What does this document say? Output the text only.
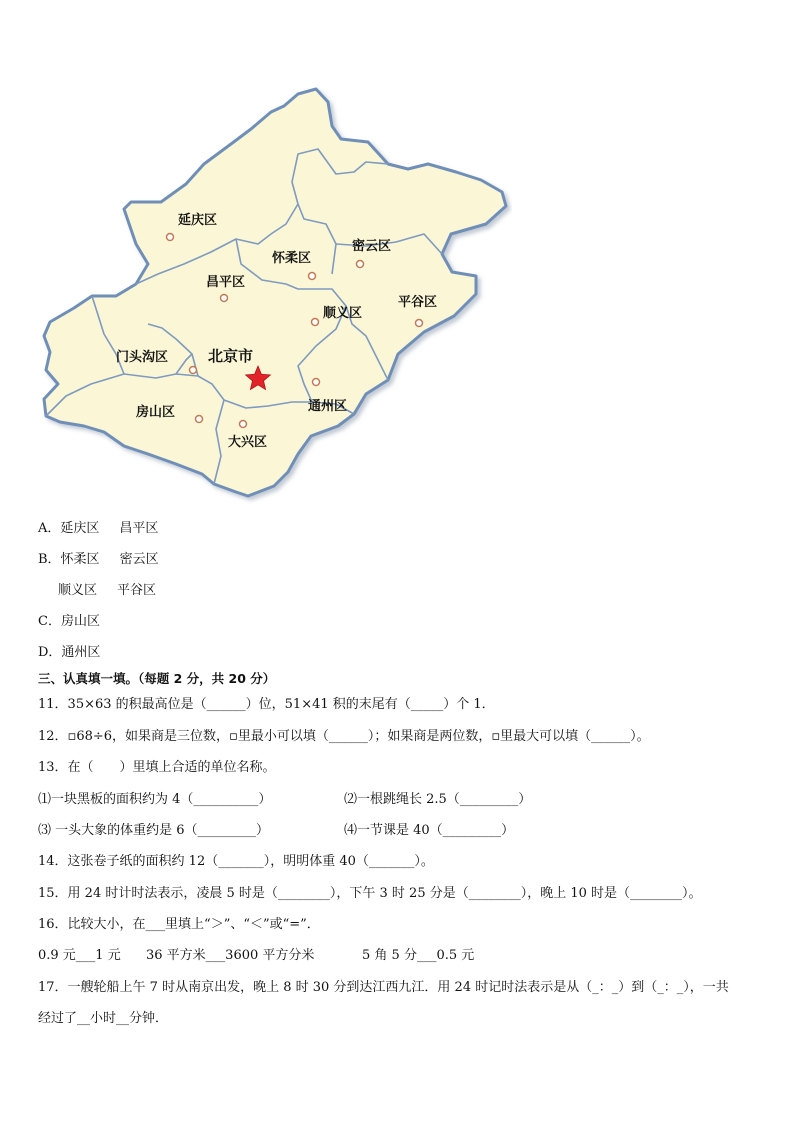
延庆区
怀柔区
密云区
昌平区
平谷区
顺义区
门头沟区	北京市
通州区
房山区
大兴区
A．延庆区 昌平区
B．怀柔区 密云区
顺义区 平谷区
C．房山区
D．通州区
三、认真填一填。（每题 2 分，共 20 分）
11．35×63 的积最高位是（______）位，51×41 积的末尾有（_____）个 1．
12．▫68÷6，如果商是三位数，▫里最小可以填（______）；如果商是两位数，▫里最大可以填（______）。
13．在（　　）里填上合适的单位名称。
⑴一块黑板的面积约为 4（__________）	⑵一根跳绳长 2.5（_________）
⑶ 一头大象的体重约是 6（_________）	⑷一节课是 40（_________）
14．这张卷子纸的面积约 12（_______），明明体重 40（_______）。
15．用 24 时计时法表示，凌晨 5 时是（________），下午 3 时 25 分是（________），晚上 10 时是（________）。
16．比较大小，在___里填上“＞”、“＜”或“=”．
0.9 元___1 元 36 平方米___3600 平方分米	5 角 5 分___0.5 元
17．一艘轮船上午 7 时从南京出发，晚上 8 时 30 分到达江西九江．用 24 时记时法表示是从（_：_）到（_：_），一共
经过了__小时__分钟．
